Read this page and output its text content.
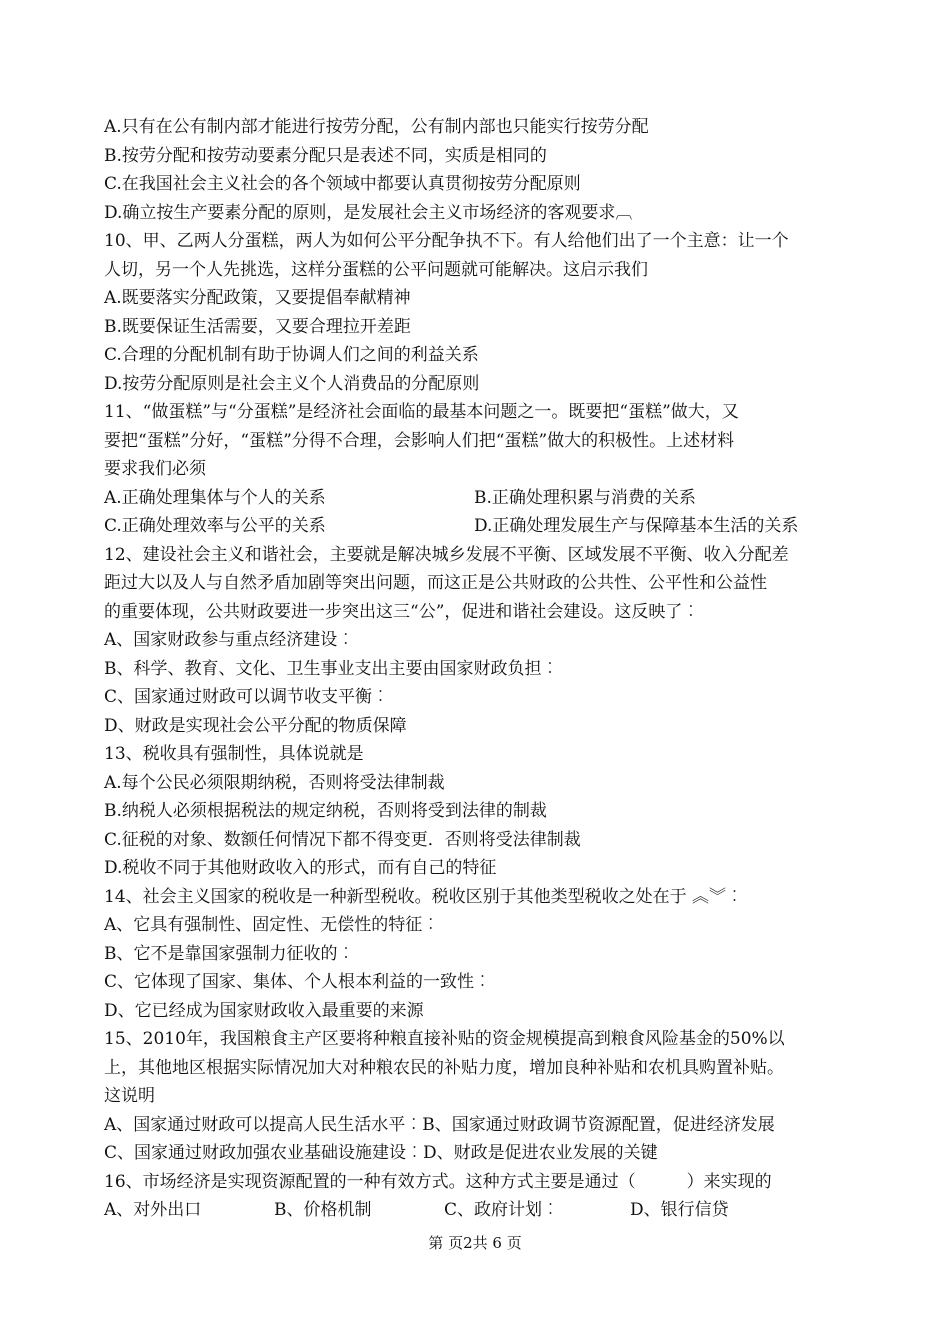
A.只有在公有制内部才能进行按劳分配，公有制内部也只能实行按劳分配
B.按劳分配和按劳动要素分配只是表述不同，实质是相同的
C.在我国社会主义社会的各个领域中都要认真贯彻按劳分配原则
D.确立按生产要素分配的原则，是发展社会主义市场经济的客观要求︹
10、甲、乙两人分蛋糕，两人为如何公平分配争执不下。有人给他们出了一个主意：让一个
人切，另一个人先挑选，这样分蛋糕的公平问题就可能解决。这启示我们
A.既要落实分配政策，又要提倡奉献精神
B.既要保证生活需要，又要合理拉开差距
C.合理的分配机制有助于协调人们之间的利益关系
D.按劳分配原则是社会主义个人消费品的分配原则
11、“做蛋糕”与“分蛋糕”是经济社会面临的最基本问题之一。既要把“蛋糕”做大，又
要把“蛋糕”分好，“蛋糕”分得不合理，会影响人们把“蛋糕”做大的积极性。上述材料
要求我们必须
A.正确处理集体与个人的关系	B.正确处理积累与消费的关系
C.正确处理效率与公平的关系	D.正确处理发展生产与保障基本生活的关系
12、建设社会主义和谐社会，主要就是解决城乡发展不平衡、区域发展不平衡、收入分配差
距过大以及人与自然矛盾加剧等突出问题，而这正是公共财政的公共性、公平性和公益性
的重要体现，公共财政要进一步突出这三“公”，促进和谐社会建设。这反映了︰
A、国家财政参与重点经济建设︰
B、科学、教育、文化、卫生事业支出主要由国家财政负担︰
C、国家通过财政可以调节收支平衡︰
D、财政是实现社会公平分配的物质保障
13、税收具有强制性，具体说就是
A.每个公民必须限期纳税，否则将受法律制裁
B.纳税人必须根据税法的规定纳税，否则将受到法律的制裁
C.征税的对象、数额任何情况下都不得变更．否则将受法律制裁
D.税收不同于其他财政收入的形式，而有自己的特征
14、社会主义国家的税收是一种新型税收。税收区别于其他类型税收之处在于 ︽︾︰
A、它具有强制性、固定性、无偿性的特征︰
B、它不是靠国家强制力征收的︰
C、它体现了国家、集体、个人根本利益的一致性︰
D、它已经成为国家财政收入最重要的来源
15、2010年，我国粮食主产区要将种粮直接补贴的资金规模提高到粮食风险基金的50%以
上，其他地区根据实际情况加大对种粮农民的补贴力度，增加良种补贴和农机具购置补贴。
这说明
A、国家通过财政可以提高人民生活水平︰B、国家通过财政调节资源配置，促进经济发展
C、国家通过财政加强农业基础设施建设︰D、财政是促进农业发展的关键
16、市场经济是实现资源配置的一种有效方式。这种方式主要是通过（　　　）来实现的
A、对外出口	B、价格机制	C、政府计划︰	D、银行信贷
第 页2共 6 页
